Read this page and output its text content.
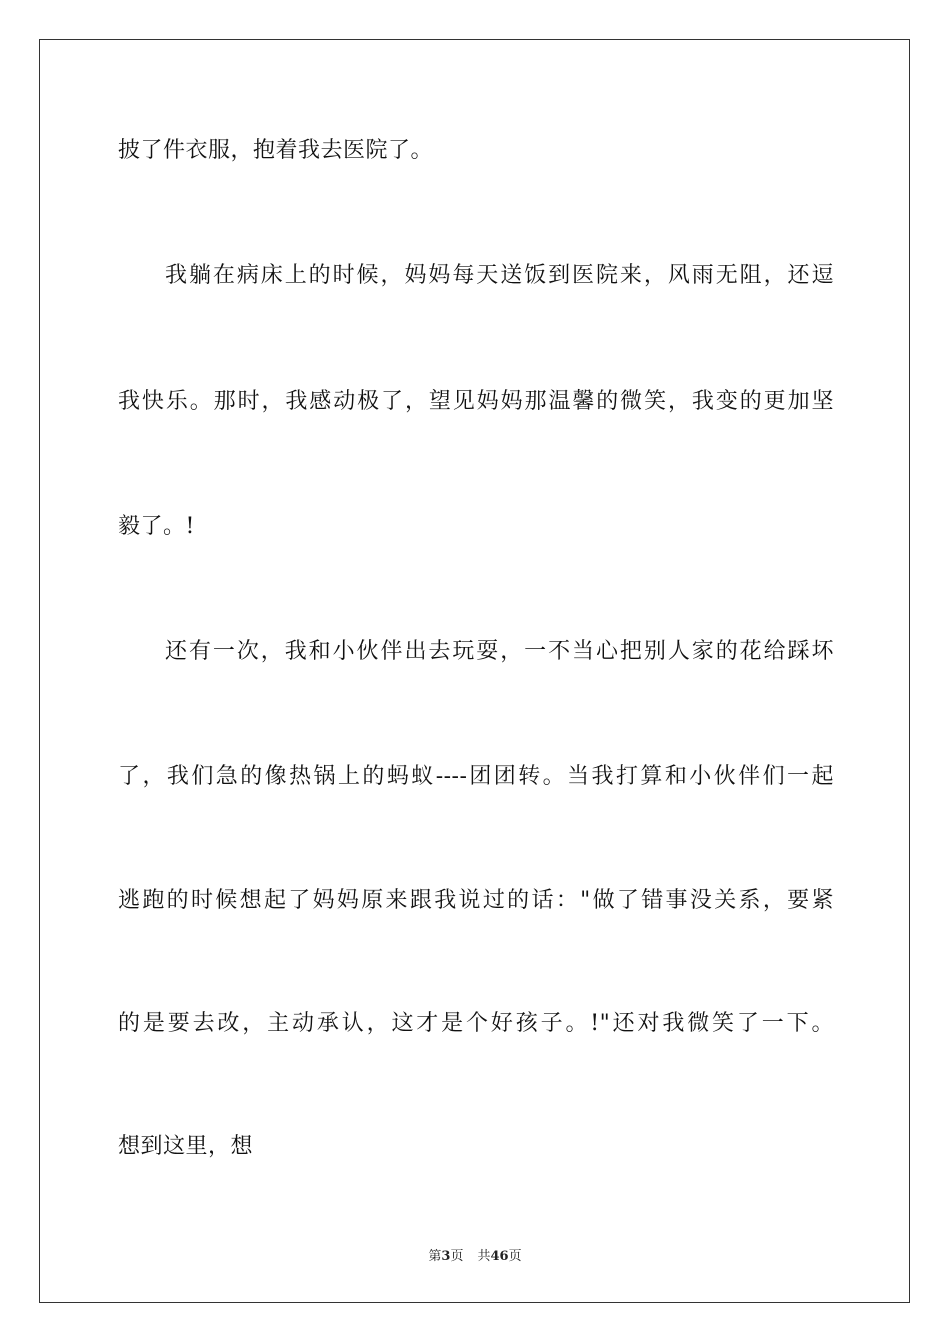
披了件衣服，抱着我去医院了。
我躺在病床上的时候，妈妈每天送饭到医院来，风雨无阻，还逗
我快乐。那时，我感动极了，望见妈妈那温馨的微笑，我变的更加坚
毅了。!
还有一次，我和小伙伴出去玩耍，一不当心把别人家的花给踩坏
了，我们急的像热锅上的蚂蚁----团团转。当我打算和小伙伴们一起
逃跑的时候想起了妈妈原来跟我说过的话："做了错事没关系，要紧
的是要去改，主动承认，这才是个好孩子。!"还对我微笑了一下。
想到这里，想
第3页 共46页
